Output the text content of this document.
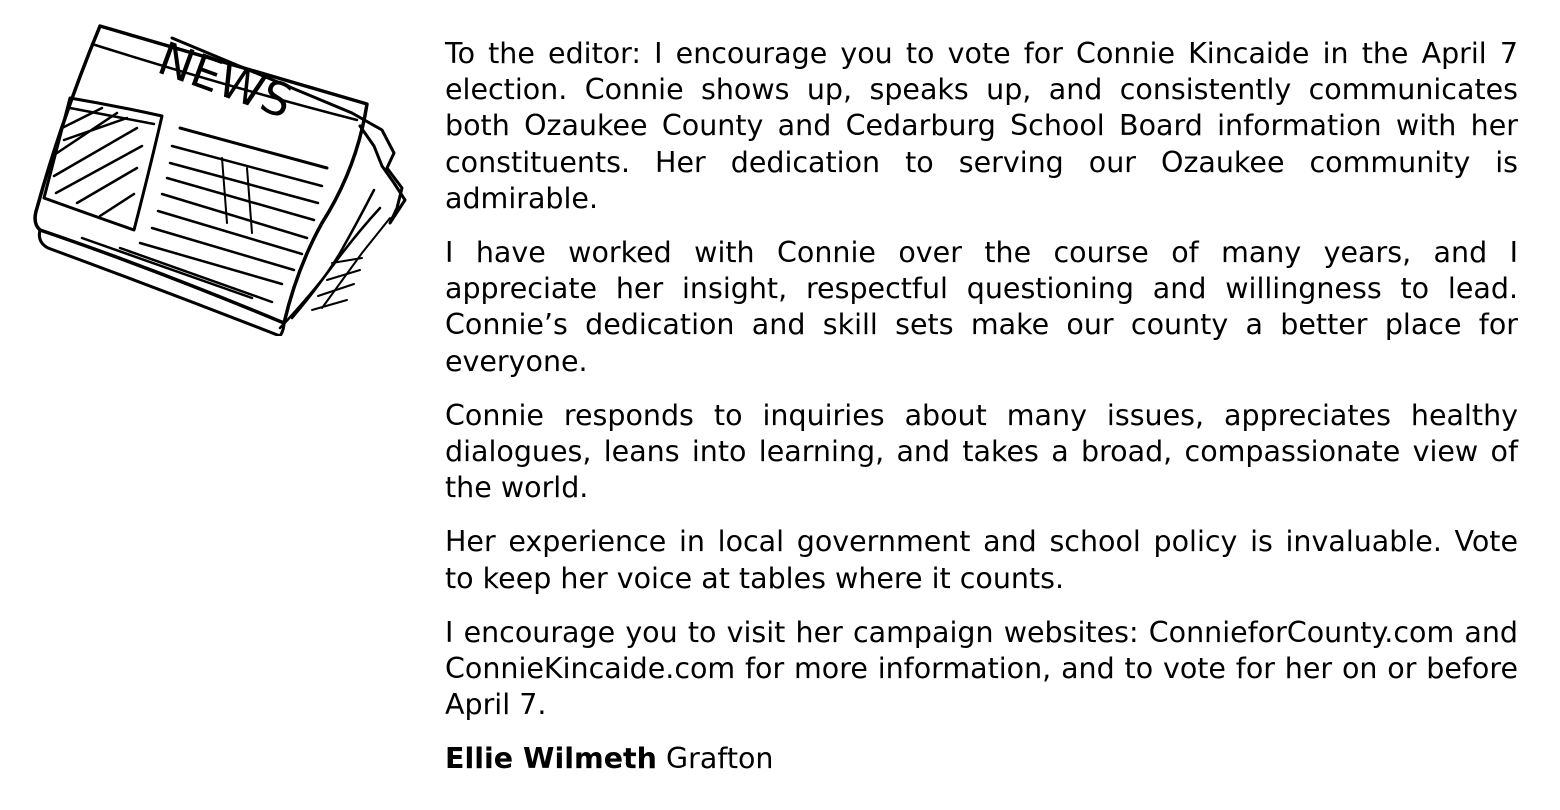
NEWS	To the editor: I encourage you to vote for Connie Kincaide in the April 7 election. Connie shows up, speaks up, and consistently communicates both Ozaukee County and Cedarburg School Board information with her constituents. Her dedication to serving our Ozaukee community is admirable.

I have worked with Connie over the course of many years, and I appreciate her insight, respectful questioning and willingness to lead. Connie’s dedication and skill sets make our county a better place for everyone.

Connie responds to inquiries about many issues, appreciates healthy dialogues, leans into learning, and takes a broad, compassionate view of the world.

Her experience in local government and school policy is invaluable. Vote to keep her voice at tables where it counts.

I encourage you to visit her campaign websites: ConnieforCounty.com and ConnieKincaide.com for more information, and to vote for her on or before April 7.

Ellie Wilmeth Grafton
